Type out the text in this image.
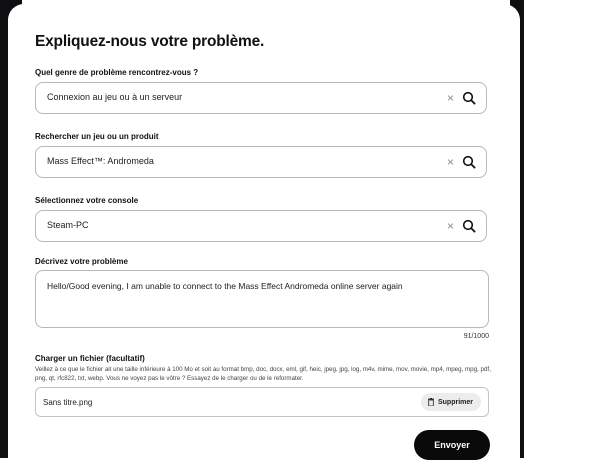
Expliquez-nous votre problème.
Quel genre de problème rencontrez-vous ?
Connexion au jeu ou à un serveur	×
Rechercher un jeu ou un produit
Mass Effect™: Andromeda	×
Sélectionnez votre console
Steam-PC	×
Décrivez votre problème
Hello/Good evening, I am unable to connect to the Mass Effect Andromeda online server again
91/1000
Charger un fichier (facultatif)
Veillez à ce que le fichier ait une taille inférieure à 100 Mo et soit au format bmp, doc, docx, eml, gif, heic, jpeg, jpg, log, m4v, mime, mov, movie, mp4, mpeg, mpg, pdf, png, qt, rfc822, txt, webp. Vous ne voyez pas le vôtre ? Essayez de le charger ou de le reformater.
Sans titre.png	Supprimer
Envoyer
